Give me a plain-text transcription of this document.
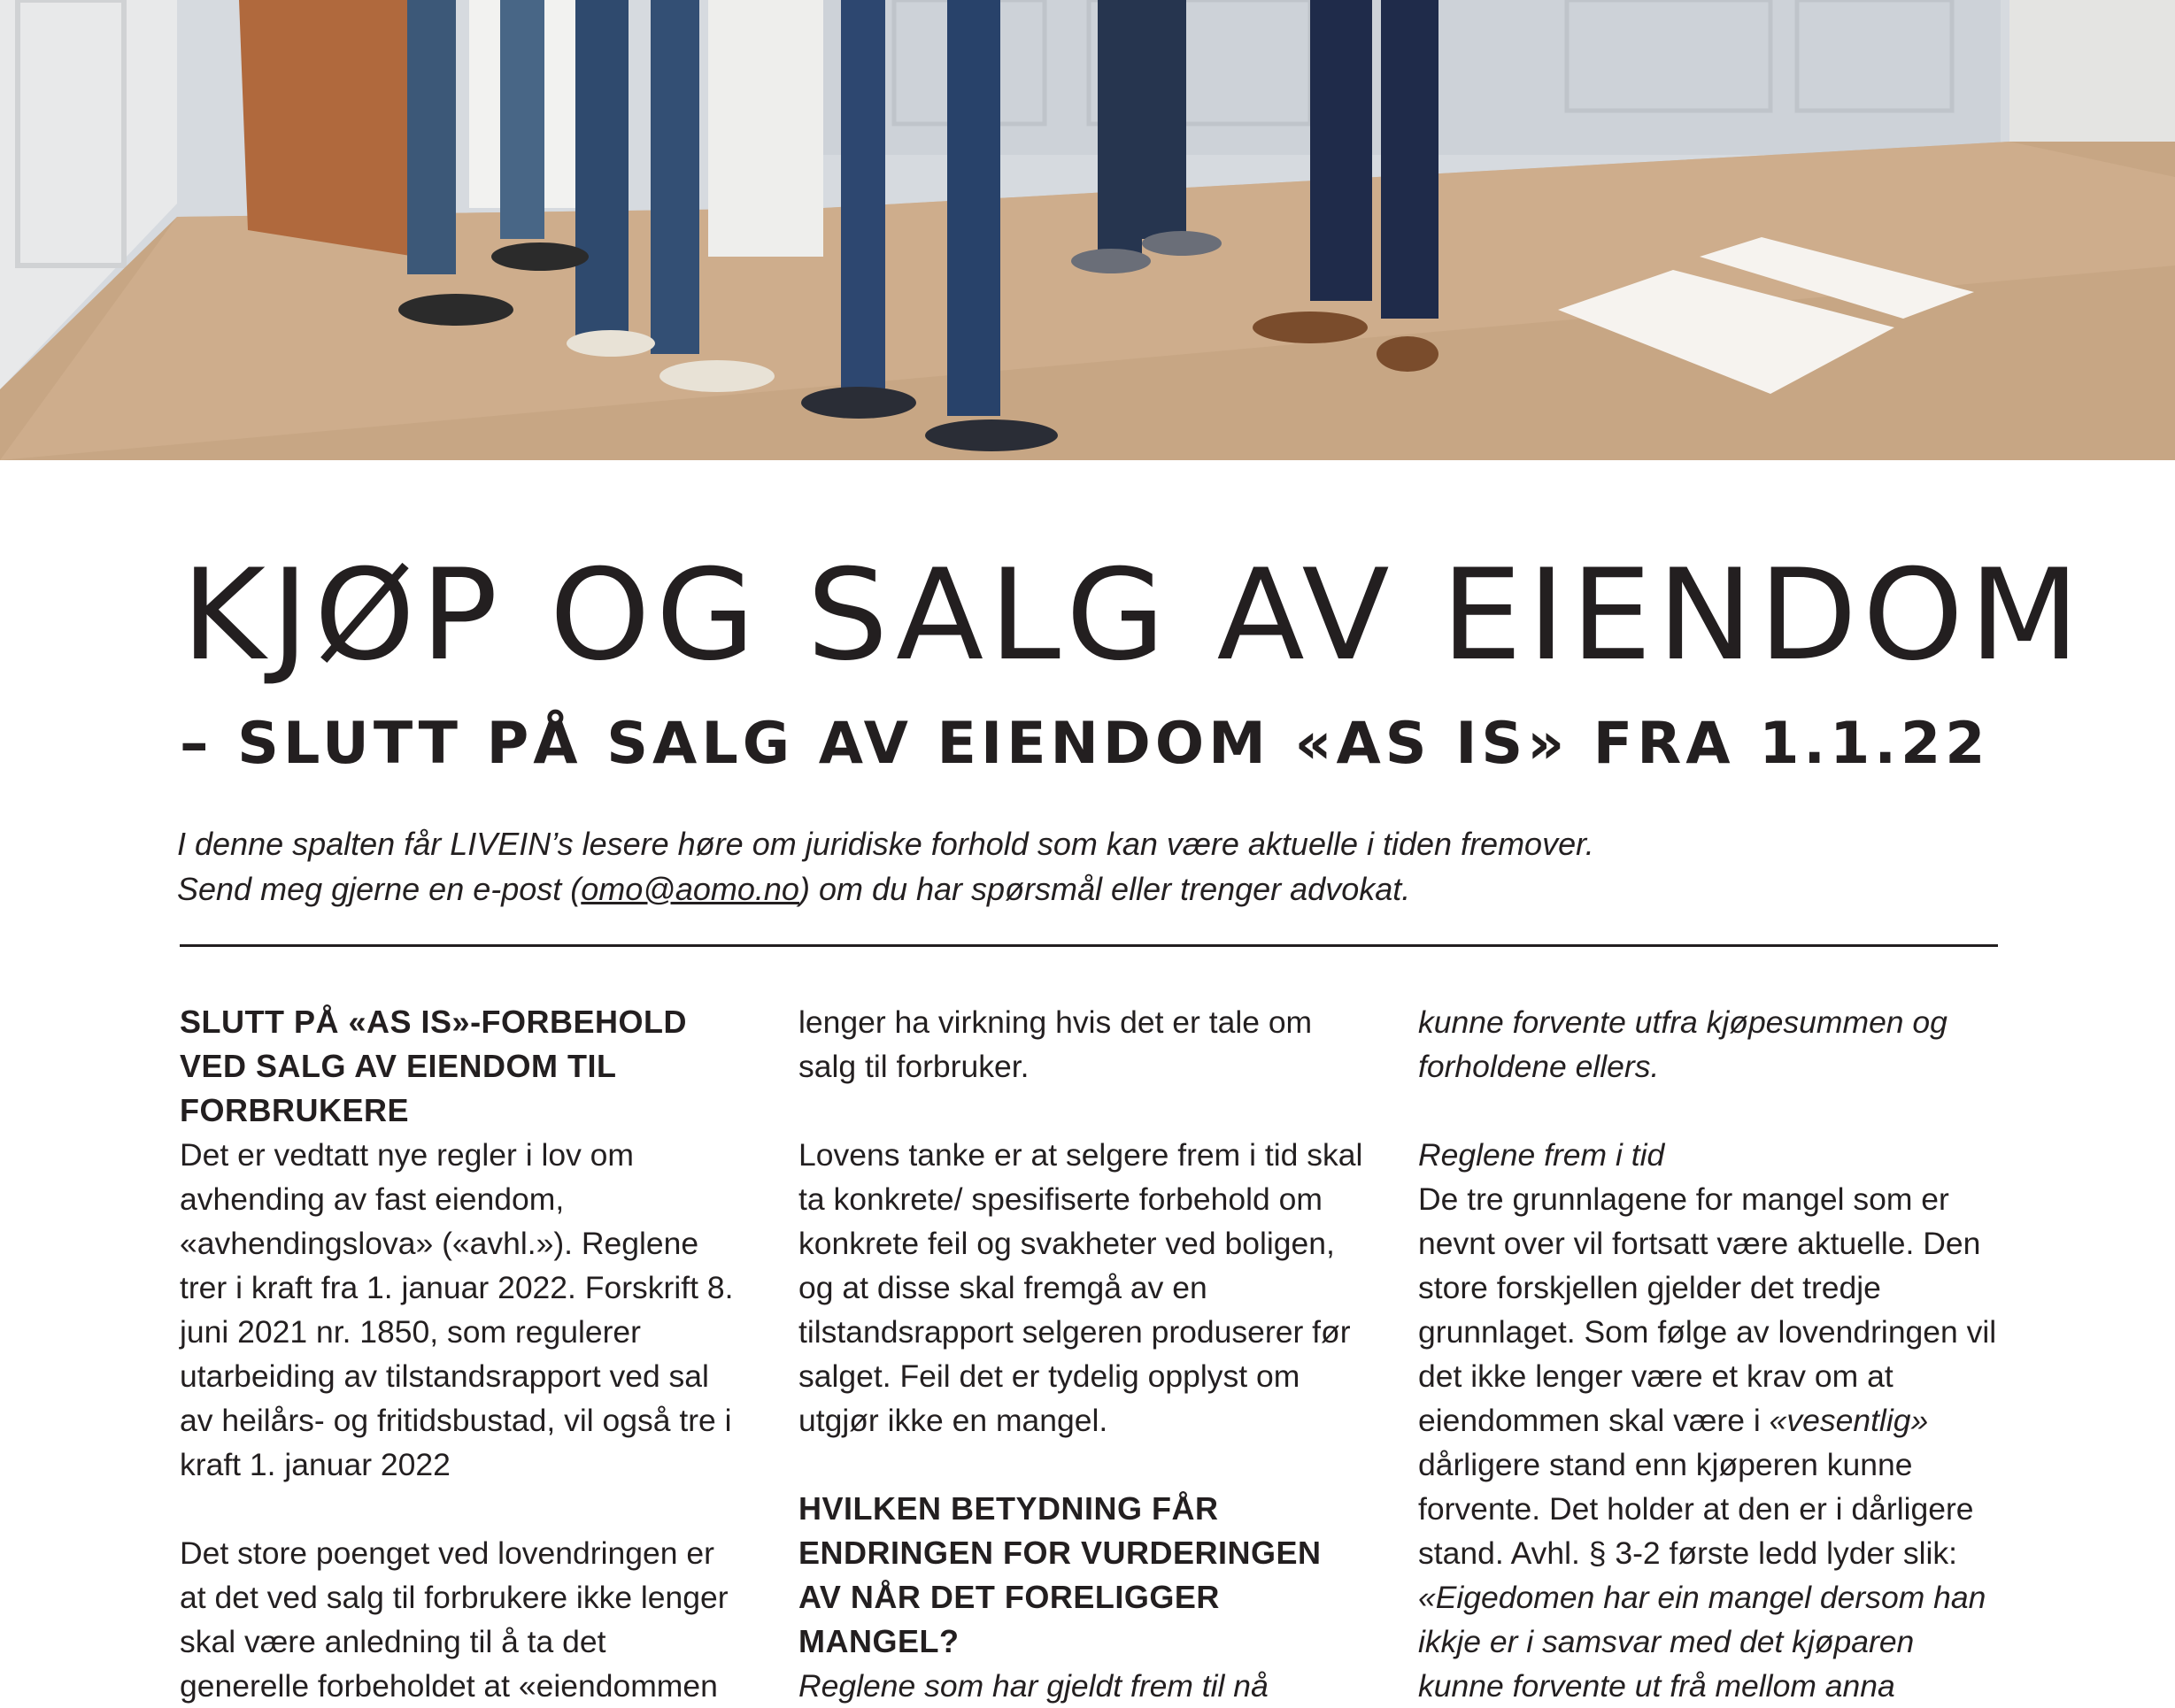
KJØP OG SALG AV EIENDOM
– SLUTT PÅ SALG AV EIENDOM «AS IS» FRA 1.1.22
I denne spalten får LIVEIN’s lesere høre om juridiske forhold som kan være aktuelle i tiden fremover.
Send meg gjerne en e-post (omo@aomo.no) om du har spørsmål eller trenger advokat.
SLUTT PÅ «AS IS»-FORBEHOLD VED SALG AV EIENDOM TIL FORBRUKERE

Det er vedtatt nye regler i lov om avhending av fast eiendom, «avhendingslova» («avhl.»). Reglene trer i kraft fra 1. januar 2022. Forskrift 8. juni 2021 nr. 1850, som regulerer utarbeiding av tilstandsrapport ved sal av heilårs- og fritidsbustad, vil også tre i kraft 1. januar 2022

Det store poenget ved lovendringen er at det ved salg til forbrukere ikke lenger skal være anledning til å ta det generelle forbeholdet at «eiendommen

lenger ha virkning hvis det er tale om salg til forbruker.

Lovens tanke er at selgere frem i tid skal ta konkrete/ spesifiserte forbehold om konkrete feil og svakheter ved boligen, og at disse skal fremgå av en tilstandsrapport selgeren produserer før salget. Feil det er tydelig opplyst om utgjør ikke en mangel.

HVILKEN BETYDNING FÅR ENDRINGEN FOR VURDERINGEN AV NÅR DET FORELIGGER MANGEL?

Reglene som har gjeldt frem til nå

kunne forvente utfra kjøpesummen og forholdene ellers.

Reglene frem i tid

De tre grunnlagene for mangel som er nevnt over vil fortsatt være aktuelle. Den store forskjellen gjelder det tredje grunnlaget. Som følge av lovendringen vil det ikke lenger være et krav om at eiendommen skal være i «vesentlig» dårligere stand enn kjøperen kunne forvente. Det holder at den er i dårligere stand. Avhl. § 3-2 første ledd lyder slik:

«Eigedomen har ein mangel dersom han ikkje er i samsvar med det kjøparen kunne forvente ut frå mellom anna
